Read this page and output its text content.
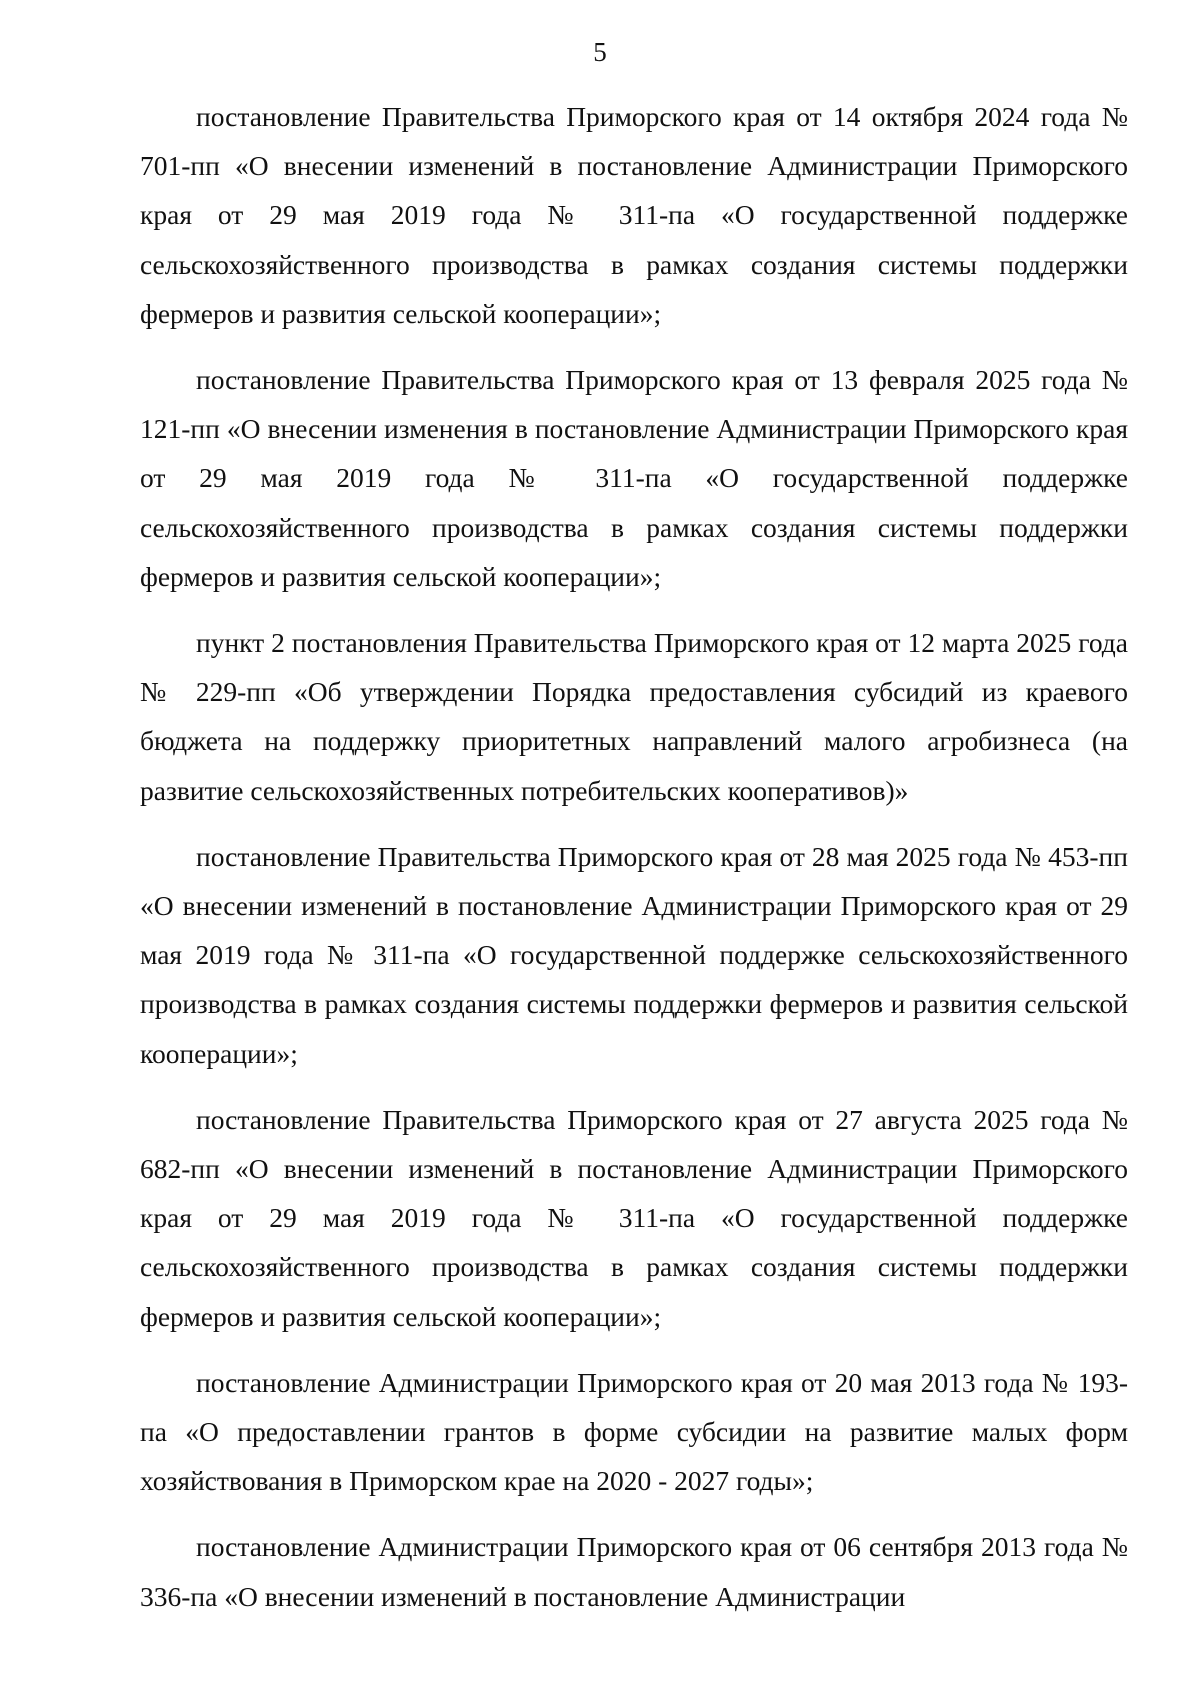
5

постановление Правительства Приморского края от 14 октября 2024 года № 701-пп «О внесении изменений в постановление Администрации Приморского края от 29 мая 2019 года № 311-па «О государственной поддержке сельскохозяйственного производства в рамках создания системы поддержки фермеров и развития сельской кооперации»;

постановление Правительства Приморского края от 13 февраля 2025 года № 121-пп «О внесении изменения в постановление Администрации Приморского края от 29 мая 2019 года № 311-па «О государственной поддержке сельскохозяйственного производства в рамках создания системы поддержки фермеров и развития сельской кооперации»;

пункт 2 постановления Правительства Приморского края от 12 марта 2025 года № 229-пп «Об утверждении Порядка предоставления субсидий из краевого бюджета на поддержку приоритетных направлений малого агробизнеса (на развитие сельскохозяйственных потребительских кооперативов)»

постановление Правительства Приморского края от 28 мая 2025 года № 453-пп «О внесении изменений в постановление Администрации Приморского края от 29 мая 2019 года № 311-па «О государственной поддержке сельскохозяйственного производства в рамках создания системы поддержки фермеров и развития сельской кооперации»;

постановление Правительства Приморского края от 27 августа 2025 года № 682-пп «О внесении изменений в постановление Администрации Приморского края от 29 мая 2019 года № 311-па «О государственной поддержке сельскохозяйственного производства в рамках создания системы поддержки фермеров и развития сельской кооперации»;

постановление Администрации Приморского края от 20 мая 2013 года № 193-па «О предоставлении грантов в форме субсидии на развитие малых форм хозяйствования в Приморском крае на 2020 - 2027 годы»;

постановление Администрации Приморского края от 06 сентября 2013 года № 336-па «О внесении изменений в постановление Администрации
